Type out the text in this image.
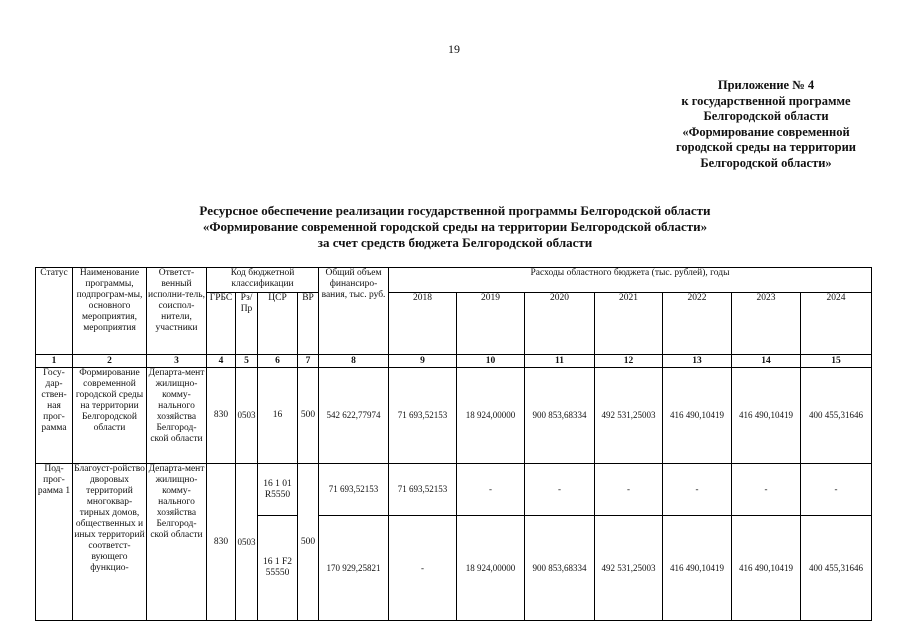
19
Приложение № 4
к государственной программе
Белгородской области
«Формирование современной
городской среды на территории
Белгородской области»
Ресурсное обеспечение реализации государственной программы Белгородской области
«Формирование современной городской среды на территории Белгородской области»
за счет средств бюджета Белгородской области
Статус	Наименование программы, подпрограм-мы, основного мероприятия, мероприятия	Ответст-венный исполни-тель, соиспол-нители, участники	Код бюджетной классификации				Общий объем финансиро-вания, тыс. руб.	Расходы областного бюджета (тыс. рублей), годы						
			ГРБС	Рз/ Пр	ЦСР	ВР		2018	2019	2020	2021	2022	2023	2024
1	2	3	4	5	6	7	8	9	10	11	12	13	14	15
Госу-дар-ствен-ная прог-рамма	Формирование современной городской среды на территории Белгородской области	Департа-мент жилищно-комму-нального хозяйства Белгород-ской области	830	0503	16	500	542 622,77974	71 693,52153	18 924,00000	900 853,68334	492 531,25003	416 490,10419	416 490,10419	400 455,31646
Под-прог-рамма 1	Благоуст-ройство дворовых территорий многоквар-тирных домов, общественных и иных территорий соответст-вующего функцио-	Департа-мент жилищно-комму-нального хозяйства Белгород-ской области	830	0503	16 1 01 R5550	500	71 693,52153	71 693,52153	-	-	-	-	-	-
					16 1 F2 55550		170 929,25821	-	18 924,00000	900 853,68334	492 531,25003	416 490,10419	416 490,10419	400 455,31646
